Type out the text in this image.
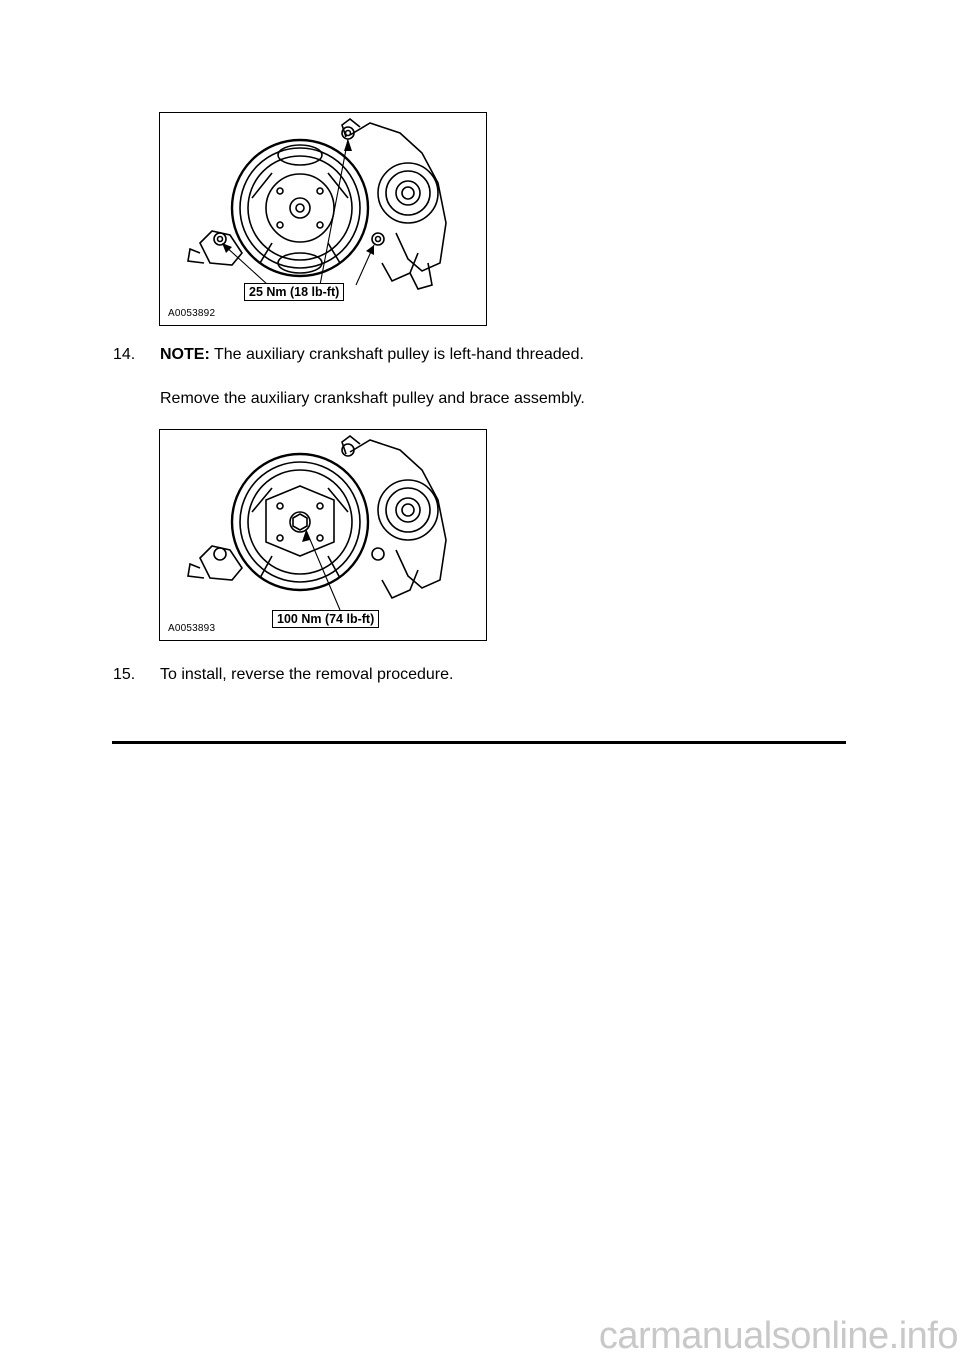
25 Nm (18 lb-ft)
A0053892
14. NOTE: The auxiliary crankshaft pulley is left-hand threaded.
Remove the auxiliary crankshaft pulley and brace assembly.
100 Nm (74 lb-ft)
A0053893
15. To install, reverse the removal procedure.
carmanualsonline.info
